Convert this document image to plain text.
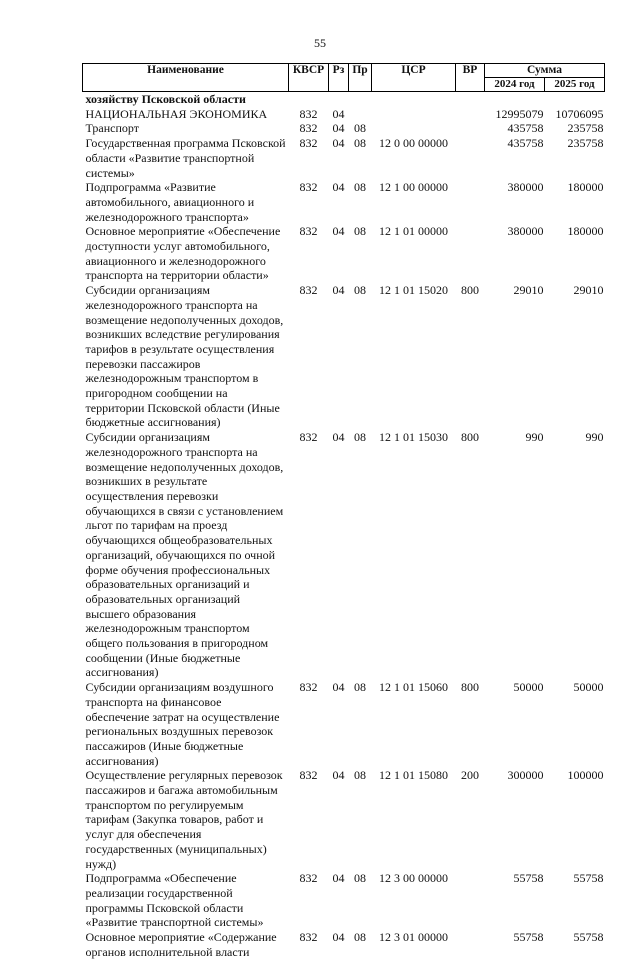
55
Наименование	КВСР	Рз	Пр	ЦСР	ВР	Сумма	
						2024 год	2025 год
хозяйству Псковской области							
НАЦИОНАЛЬНАЯ ЭКОНОМИКА	832	04				12995079	10706095
Транспорт	832	04	08			435758	235758
Государственная программа Псковской области «Развитие транспортной системы»	832	04	08	12 0 00 00000		435758	235758
Подпрограмма «Развитие автомобильного, авиационного и железнодорожного транспорта»	832	04	08	12 1 00 00000		380000	180000
Основное мероприятие «Обеспечение доступности услуг автомобильного, авиационного и железнодорожного транспорта на территории области»	832	04	08	12 1 01 00000		380000	180000
Субсидии организациям железнодорожного транспорта на возмещение недополученных доходов, возникших вследствие регулирования тарифов в результате осуществления перевозки пассажиров железнодорожным транспортом в пригородном сообщении на территории Псковской области (Иные бюджетные ассигнования)	832	04	08	12 1 01 15020	800	29010	29010
Субсидии организациям железнодорожного транспорта на возмещение недополученных доходов, возникших в результате осуществления перевозки обучающихся в связи с установлением льгот по тарифам на проезд обучающихся общеобразовательных организаций, обучающихся по очной форме обучения профессиональных образовательных организаций и образовательных организаций высшего образования железнодорожным транспортом общего пользования в пригородном сообщении (Иные бюджетные ассигнования)	832	04	08	12 1 01 15030	800	990	990
Субсидии организациям воздушного транспорта на финансовое обеспечение затрат на осуществление региональных воздушных перевозок пассажиров (Иные бюджетные ассигнования)	832	04	08	12 1 01 15060	800	50000	50000
Осуществление регулярных перевозок пассажиров и багажа автомобильным транспортом по регулируемым тарифам (Закупка товаров, работ и услуг для обеспечения государственных (муниципальных) нужд)	832	04	08	12 1 01 15080	200	300000	100000
Подпрограмма «Обеспечение реализации государственной программы Псковской области «Развитие транспортной системы»	832	04	08	12 3 00 00000		55758	55758
Основное мероприятие «Содержание органов исполнительной власти	832	04	08	12 3 01 00000		55758	55758
